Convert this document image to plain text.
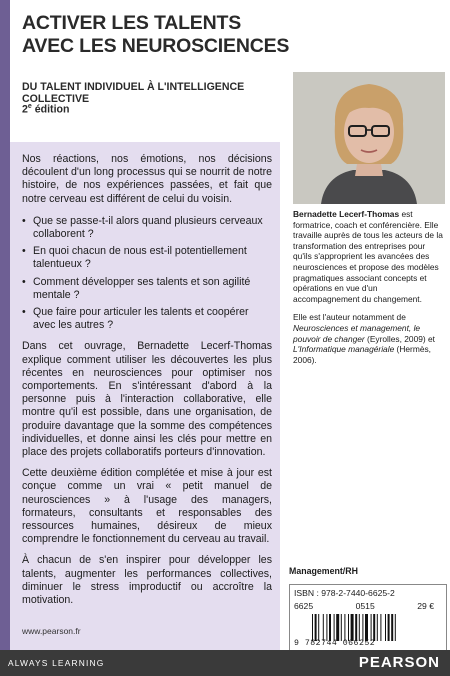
ACTIVER LES TALENTS
AVEC LES NEUROSCIENCES
DU TALENT INDIVIDUEL À L'INTELLIGENCE COLLECTIVE
2e édition

Nos réactions, nos émotions, nos décisions découlent d'un long processus qui se nourrit de notre histoire, de nos expériences passées, et fait que notre cerveau est différent de celui du voisin.

• Que se passe-t-il alors quand plusieurs cerveaux collaborent ?
• En quoi chacun de nous est-il potentiellement talentueux ?
• Comment développer ses talents et son agilité mentale ?
• Que faire pour articuler les talents et coopérer avec les autres ?

Dans cet ouvrage, Bernadette Lecerf-Thomas explique comment utiliser les découvertes les plus récentes en neurosciences pour optimiser nos comportements. En s'intéressant d'abord à la personne puis à l'interaction collaborative, elle montre qu'il est possible, dans une organisation, de produire davantage que la somme des compétences individuelles, et donne ainsi les clés pour mettre en place des projets collaboratifs porteurs d'innovation.

Cette deuxième édition complétée et mise à jour est conçue comme un vrai « petit manuel de neurosciences » à l'usage des managers, formateurs, consultants et responsables des ressources humaines, désireux de mieux comprendre le fonctionnement du cerveau au travail.

À chacun de s'en inspirer pour développer les talents, augmenter les performances collectives, diminuer le stress improductif ou accroître la motivation.

www.pearson.fr

Bernadette Lecerf-Thomas est formatrice, coach et conférencière. Elle travaille auprès de tous les acteurs de la transformation des entreprises pour qu'ils s'approprient les avancées des neurosciences et propose des modèles pragmatiques associant concepts et opérations en vue d'un accompagnement du changement.

Elle est l'auteur notamment de Neurosciences et management, le pouvoir de changer (Eyrolles, 2009) et L'Informatique managériale (Hermès, 2006).

Management/RH
ISBN : 978-2-7440-6625-2
6625	0515	29 €
9 782744 066252
ALWAYS LEARNING	PEARSON
